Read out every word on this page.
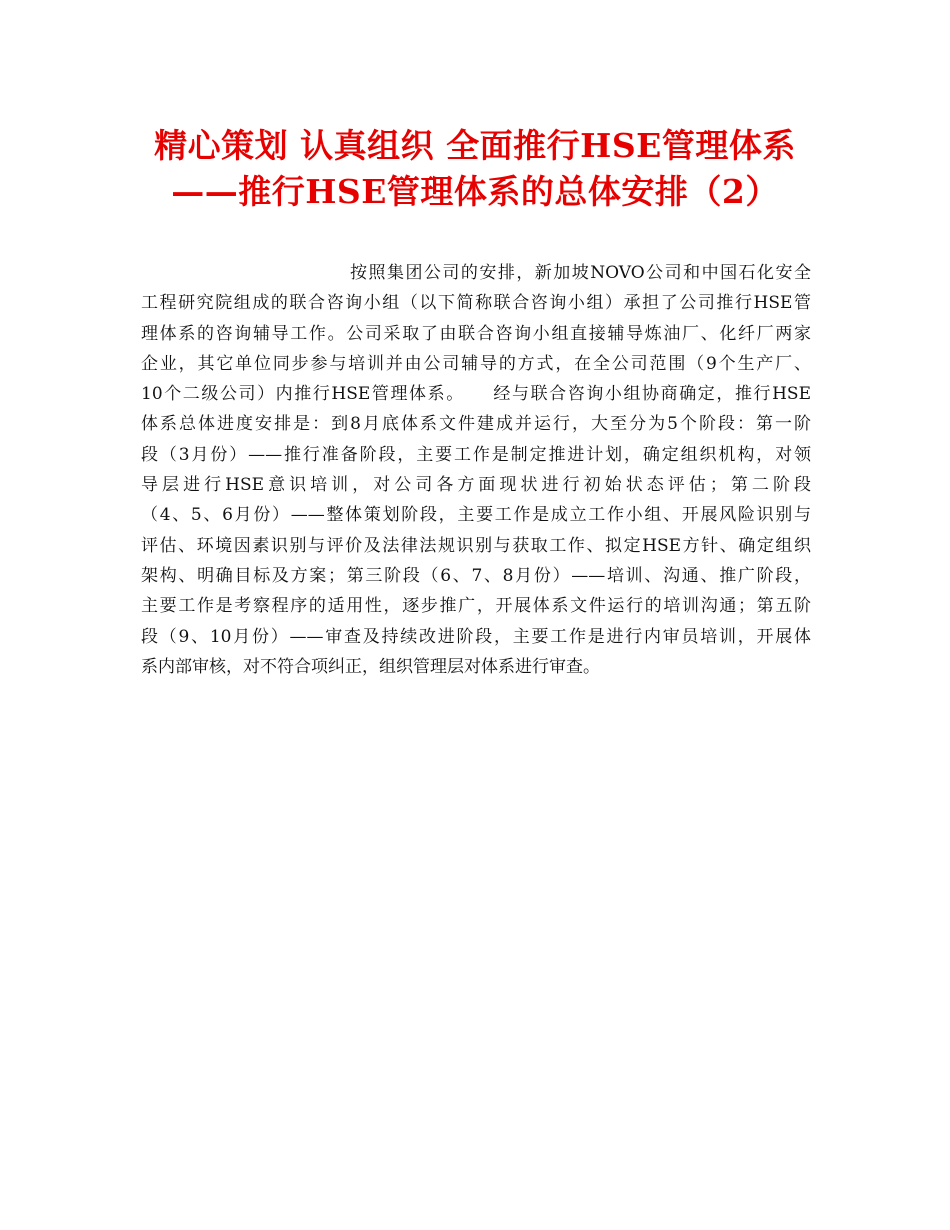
精心策划 认真组织 全面推行HSE管理体系
——推行HSE管理体系的总体安排（2）
按照集团公司的安排，新加坡NOVO公司和中国石化安全
工程研究院组成的联合咨询小组（以下简称联合咨询小组）承担了公司推行HSE管
理体系的咨询辅导工作。公司采取了由联合咨询小组直接辅导炼油厂、化纤厂两家
企业，其它单位同步参与培训并由公司辅导的方式，在全公司范围（9个生产厂、
10个二级公司）内推行HSE管理体系。　　经与联合咨询小组协商确定，推行HSE
体系总体进度安排是：到8月底体系文件建成并运行，大至分为5个阶段：第一阶
段（3月份）——推行准备阶段，主要工作是制定推进计划，确定组织机构，对领
导层进行HSE意识培训，对公司各方面现状进行初始状态评估；第二阶段
（4、5、6月份）——整体策划阶段，主要工作是成立工作小组、开展风险识别与
评估、环境因素识别与评价及法律法规识别与获取工作、拟定HSE方针、确定组织
架构、明确目标及方案；第三阶段（6、7、8月份）——培训、沟通、推广阶段，
主要工作是考察程序的适用性，逐步推广，开展体系文件运行的培训沟通；第五阶
段（9、10月份）——审查及持续改进阶段，主要工作是进行内审员培训，开展体
系内部审核，对不符合项纠正，组织管理层对体系进行审查。
